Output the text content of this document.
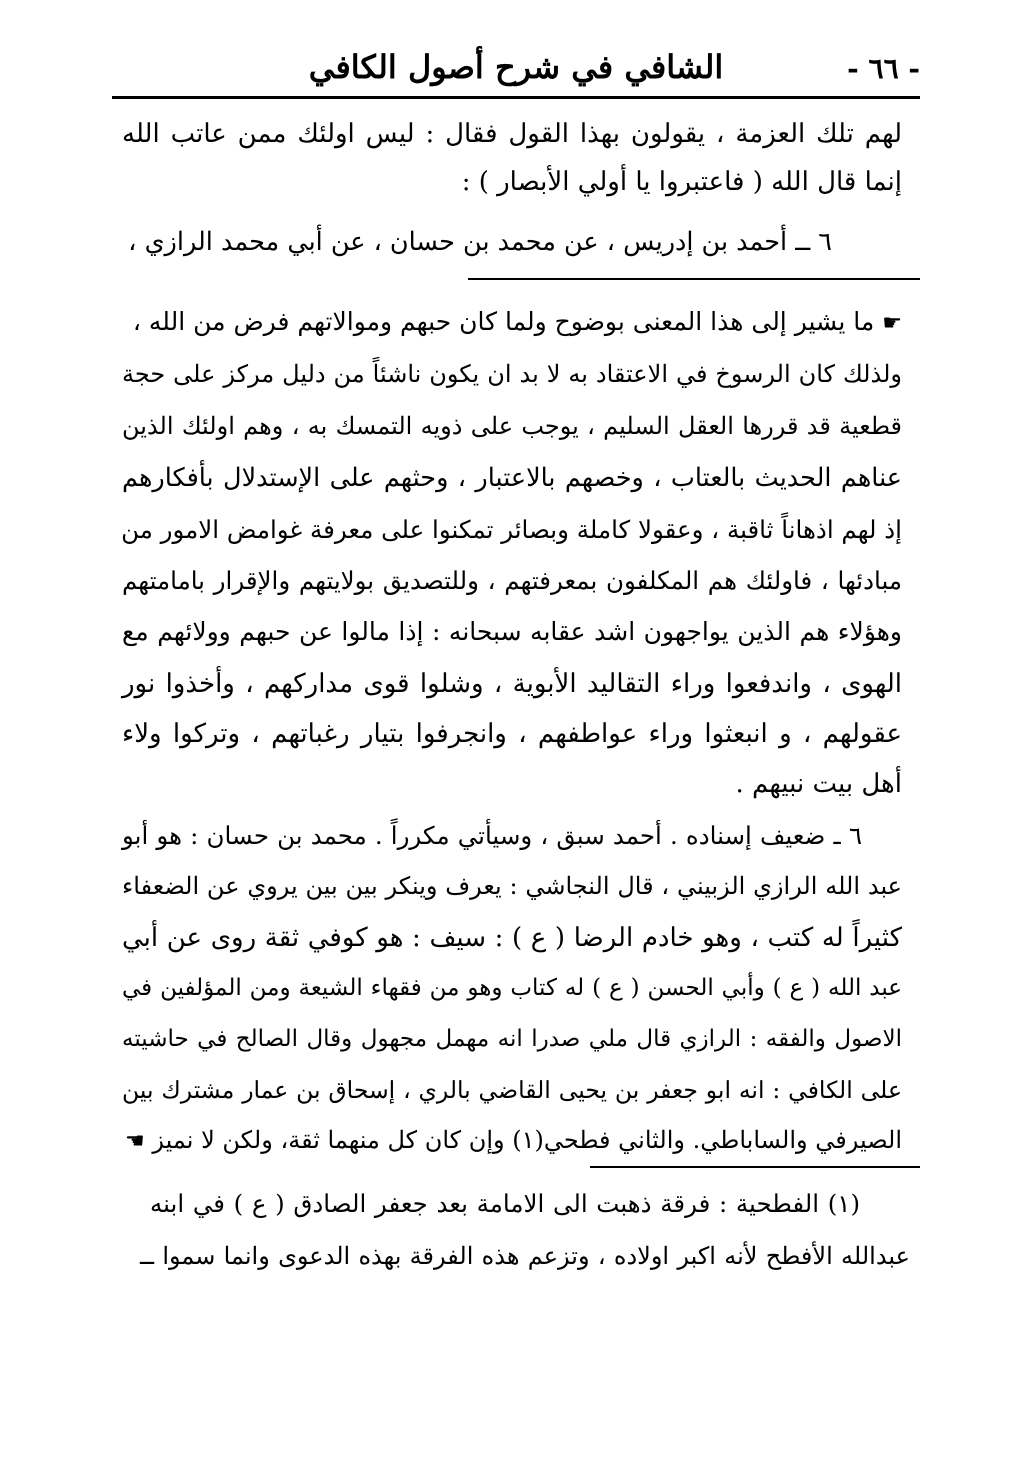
- ٦٦ -
الشافي في شرح أصول الكافي
لهم تلك العزمة ، يقولون بهذا القول فقال : ليس اولئك ممن عاتب الله
إنما قال الله ( فاعتبروا يا أولي الأبصار ) :
٦ ــ أحمد بن إدريس ، عن محمد بن حسان ، عن أبي محمد الرازي ،
☛ما يشير إلى هذا المعنى بوضوح ولما كان حبهم وموالاتهم فرض من الله ،
ولذلك كان الرسوخ في الاعتقاد به لا بد ان يكون ناشئاً من دليل مركز على حجة
قطعية قد قررها العقل السليم ، يوجب على ذويه التمسك به ، وهم اولئك الذين
عناهم الحديث بالعتاب ، وخصهم بالاعتبار ، وحثهم على الإستدلال بأفكارهم
إذ لهم اذهاناً ثاقبة ، وعقولا كاملة وبصائر تمكنوا على معرفة غوامض الامور من
مبادئها ، فاولئك هم المكلفون بمعرفتهم ، وللتصديق بولايتهم والإقرار بامامتهم
وهؤلاء هم الذين يواجهون اشد عقابه سبحانه : إذا مالوا عن حبهم وولائهم مع
الهوى ، واندفعوا وراء التقاليد الأبوية ، وشلوا قوى مداركهم ، وأخذوا نور
عقولهم ، و انبعثوا وراء عواطفهم ، وانجرفوا بتيار رغباتهم ، وتركوا ولاء
أهل بيت نبيهم .
٦ ـ ضعيف إسناده . أحمد سبق ، وسيأتي مكرراً . محمد بن حسان : هو أبو
عبد الله الرازي الزبيني ، قال النجاشي : يعرف وينكر بين بين يروي عن الضعفاء
كثيراً له كتب ، وهو خادم الرضا ( ع ) : سيف : هو كوفي ثقة روى عن أبي
عبد الله ( ع ) وأبي الحسن ( ع ) له كتاب وهو من فقهاء الشيعة ومن المؤلفين في
الاصول والفقه : الرازي قال ملي صدرا انه مهمل مجهول وقال الصالح في حاشيته
على الكافي : انه ابو جعفر بن يحيى القاضي بالري ، إسحاق بن عمار مشترك بين
الصيرفي والساباطي. والثاني فطحي(١) وإن كان كل منهما ثقة، ولكن لا نميز☛
(١) الفطحية : فرقة ذهبت الى الامامة بعد جعفر الصادق ( ع ) في ابنه
عبدالله الأفطح لأنه اكبر اولاده ، وتزعم هذه الفرقة بهذه الدعوى وانما سموا ــ
